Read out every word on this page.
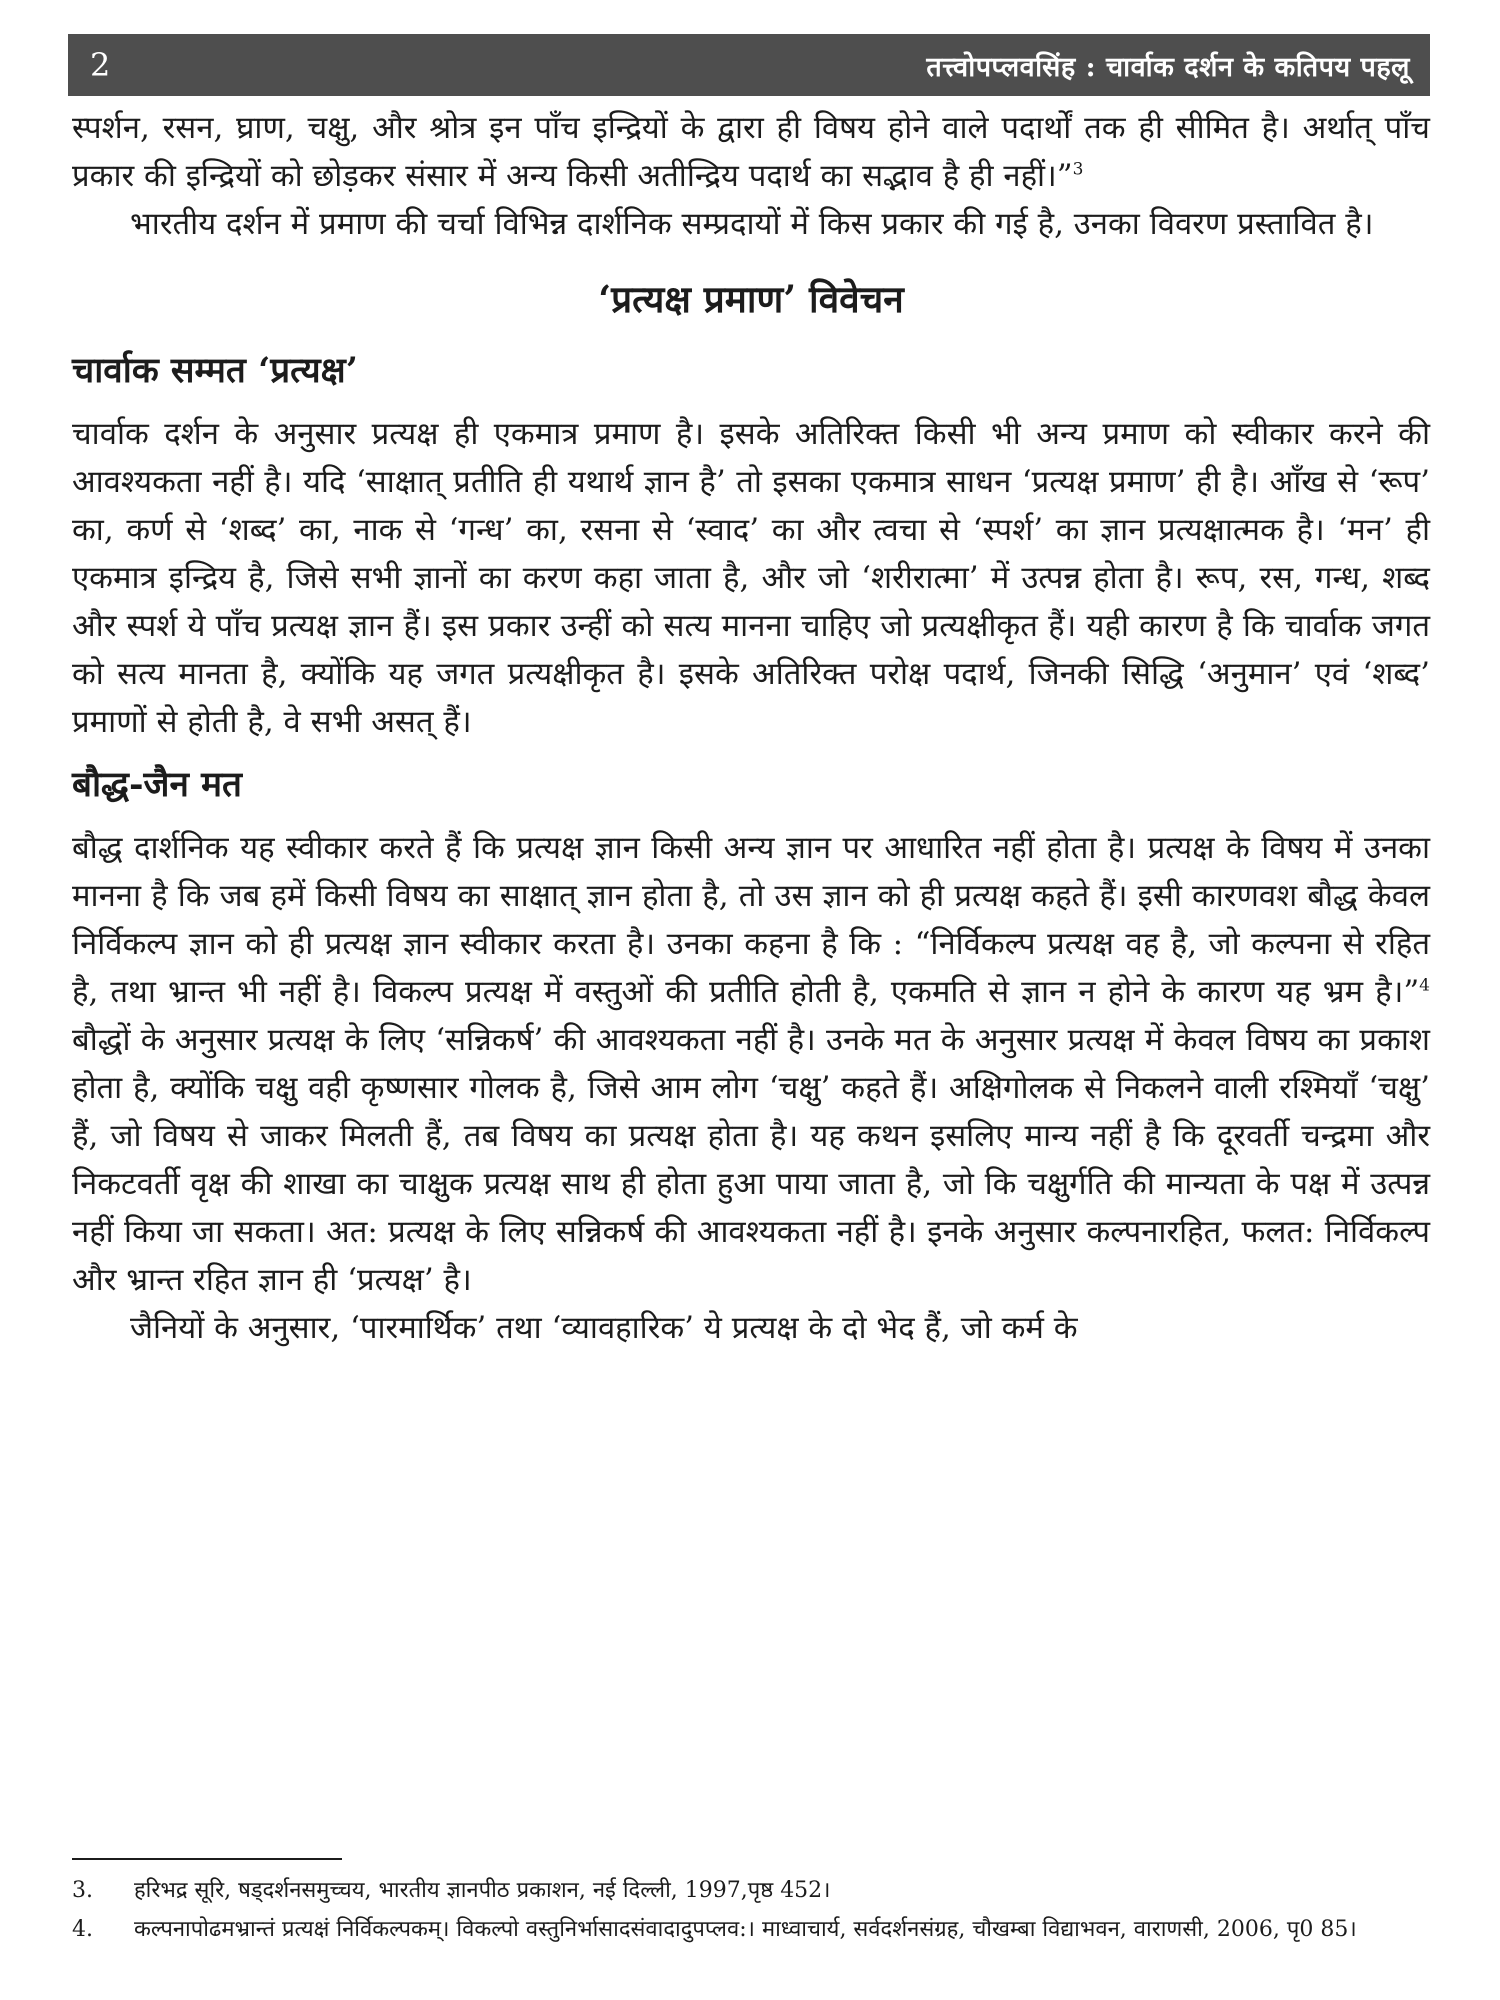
2	तत्त्वोपप्लवसिंह : चार्वाक दर्शन के कतिपय पहलू

स्पर्शन, रसन, घ्राण, चक्षु, और श्रोत्र इन पाँच इन्द्रियों के द्वारा ही विषय होने वाले पदार्थों तक ही सीमित है। अर्थात् पाँच प्रकार की इन्द्रियों को छोड़कर संसार में अन्य किसी अतीन्द्रिय पदार्थ का सद्भाव है ही नहीं।”$^3$

भारतीय दर्शन में प्रमाण की चर्चा विभिन्न दार्शनिक सम्प्रदायों में किस प्रकार की गई है, उनका विवरण प्रस्तावित है।

‘प्रत्यक्ष प्रमाण’ विवेचन
चार्वाक सम्मत ‘प्रत्यक्ष’

चार्वाक दर्शन के अनुसार प्रत्यक्ष ही एकमात्र प्रमाण है। इसके अतिरिक्त किसी भी अन्य प्रमाण को स्वीकार करने की आवश्यकता नहीं है। यदि ‘साक्षात् प्रतीति ही यथार्थ ज्ञान है’ तो इसका एकमात्र साधन ‘प्रत्यक्ष प्रमाण’ ही है। आँख से ‘रूप’ का, कर्ण से ‘शब्द’ का, नाक से ‘गन्ध’ का, रसना से ‘स्वाद’ का और त्वचा से ‘स्पर्श’ का ज्ञान प्रत्यक्षात्मक है। ‘मन’ ही एकमात्र इन्द्रिय है, जिसे सभी ज्ञानों का करण कहा जाता है, और जो ‘शरीरात्मा’ में उत्पन्न होता है। रूप, रस, गन्ध, शब्द और स्पर्श ये पाँच प्रत्यक्ष ज्ञान हैं। इस प्रकार उन्हीं को सत्य मानना चाहिए जो प्रत्यक्षीकृत हैं। यही कारण है कि चार्वाक जगत को सत्य मानता है, क्योंकि यह जगत प्रत्यक्षीकृत है। इसके अतिरिक्त परोक्ष पदार्थ, जिनकी सिद्धि ‘अनुमान’ एवं ‘शब्द’ प्रमाणों से होती है, वे सभी असत् हैं।

बौद्ध-जैन मत

बौद्ध दार्शनिक यह स्वीकार करते हैं कि प्रत्यक्ष ज्ञान किसी अन्य ज्ञान पर आधारित नहीं होता है। प्रत्यक्ष के विषय में उनका मानना है कि जब हमें किसी विषय का साक्षात् ज्ञान होता है, तो उस ज्ञान को ही प्रत्यक्ष कहते हैं। इसी कारणवश बौद्ध केवल निर्विकल्प ज्ञान को ही प्रत्यक्ष ज्ञान स्वीकार करता है। उनका कहना है कि : “निर्विकल्प प्रत्यक्ष वह है, जो कल्पना से रहित है, तथा भ्रान्त भी नहीं है। विकल्प प्रत्यक्ष में वस्तुओं की प्रतीति होती है, एकमति से ज्ञान न होने के कारण यह भ्रम है।”$^4$ बौद्धों के अनुसार प्रत्यक्ष के लिए ‘सन्निकर्ष’ की आवश्यकता नहीं है। उनके मत के अनुसार प्रत्यक्ष में केवल विषय का प्रकाश होता है, क्योंकि चक्षु वही कृष्णसार गोलक है, जिसे आम लोग ‘चक्षु’ कहते हैं। अक्षिगोलक से निकलने वाली रश्मियाँ ‘चक्षु’ हैं, जो विषय से जाकर मिलती हैं, तब विषय का प्रत्यक्ष होता है। यह कथन इसलिए मान्य नहीं है कि दूरवर्ती चन्द्रमा और निकटवर्ती वृक्ष की शाखा का चाक्षुक प्रत्यक्ष साथ ही होता हुआ पाया जाता है, जो कि चक्षुर्गति की मान्यता के पक्ष में उत्पन्न नहीं किया जा सकता। अत: प्रत्यक्ष के लिए सन्निकर्ष की आवश्यकता नहीं है। इनके अनुसार कल्पनारहित, फलत: निर्विकल्प और भ्रान्त रहित ज्ञान ही ‘प्रत्यक्ष’ है।

जैनियों के अनुसार, ‘पारमार्थिक’ तथा ‘व्यावहारिक’ ये प्रत्यक्ष के दो भेद हैं, जो कर्म के

3.	हरिभद्र सूरि, षड्दर्शनसमुच्चय, भारतीय ज्ञानपीठ प्रकाशन, नई दिल्ली, 1997,पृष्ठ 452।
4.	कल्पनापोढमभ्रान्तं प्रत्यक्षं निर्विकल्पकम्। विकल्पो वस्तुनिर्भासादसंवादादुपप्लव:। माध्वाचार्य, सर्वदर्शनसंग्रह, चौखम्बा विद्याभवन, वाराणसी, 2006, पृ0 85।
